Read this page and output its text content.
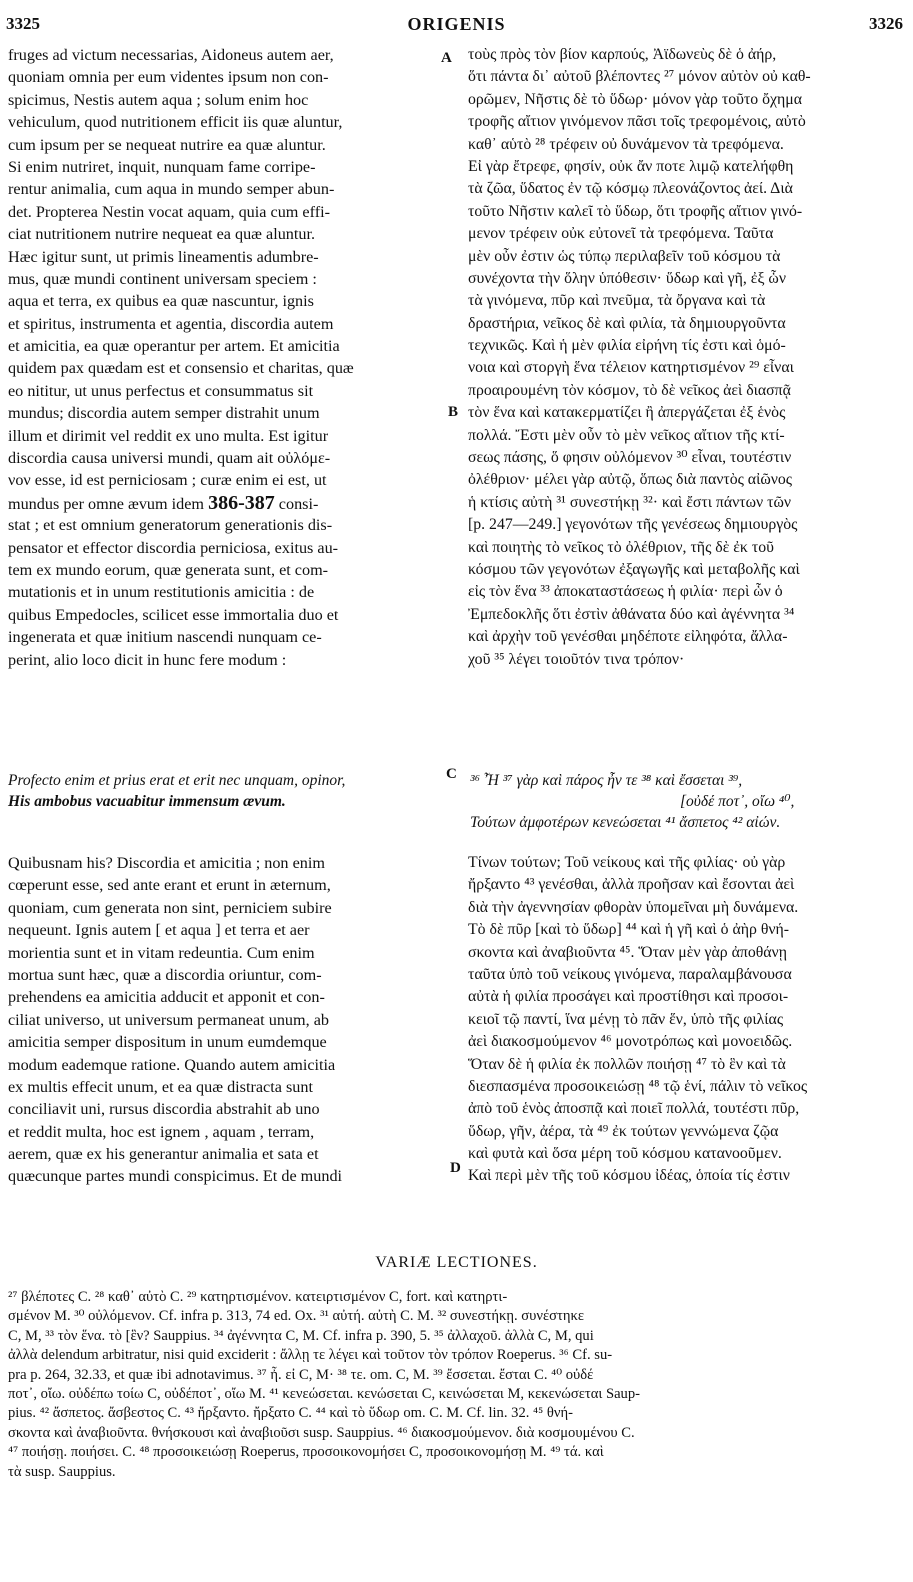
3325	ORIGENIS	3326
A
B
C
D
fruges ad victum necessarias, Aidoneus autem aer,
quoniam omnia per eum videntes ipsum non con-
spicimus, Nestis autem aqua ; solum enim hoc
vehiculum, quod nutritionem efficit iis quæ aluntur,
cum ipsum per se nequeat nutrire ea quæ aluntur.
Si enim nutriret, inquit, nunquam fame corripe-
rentur animalia, cum aqua in mundo semper abun-
det. Propterea Nestin vocat aquam, quia cum effi-
ciat nutritionem nutrire nequeat ea quæ aluntur.
Hæc igitur sunt, ut primis lineamentis adumbre-
mus, quæ mundi continent universam speciem :
aqua et terra, ex quibus ea quæ nascuntur, ignis
et spiritus, instrumenta et agentia, discordia autem
et amicitia, ea quæ operantur per artem. Et amicitia
quidem pax quædam est et consensio et charitas, quæ
eo nititur, ut unus perfectus et consummatus sit
mundus; discordia autem semper distrahit unum
illum et dirimit vel reddit ex uno multa. Est igitur
discordia causa universi mundi, quam ait οὐλόμε-
νον esse, id est perniciosam ; curæ enim ei est, ut
mundus per omne ævum idem 386-387 consi-
stat ; et est omnium generatorum generationis dis-
pensator et effector discordia perniciosa, exitus au-
tem ex mundo eorum, quæ generata sunt, et com-
mutationis et in unum restitutionis amicitia : de
quibus Empedocles, scilicet esse immortalia duo et
ingenerata et quæ initium nascendi nunquam ce-
perint, alio loco dicit in hunc fere modum :
τοὺς πρὸς τὸν βίον καρπούς, Ἀϊδωνεὺς δὲ ὁ ἀήρ,
ὅτι πάντα δι᾽ αὐτοῦ βλέποντες ²⁷ μόνον αὐτὸν οὐ καθ-
ορῶμεν, Νῆστις δὲ τὸ ὕδωρ· μόνον γὰρ τοῦτο ὄχημα
τροφῆς αἴτιον γινόμενον πᾶσι τοῖς τρεφομένοις, αὐτὸ
καθ᾽ αὑτὸ ²⁸ τρέφειν οὐ δυνάμενον τὰ τρεφόμενα.
Εἰ γὰρ ἔτρεφε, φησίν, οὐκ ἄν ποτε λιμῷ κατελήφθη
τὰ ζῶα, ὕδατος ἐν τῷ κόσμῳ πλεονάζοντος ἀεί. Διὰ
τοῦτο Νῆστιν καλεῖ τὸ ὕδωρ, ὅτι τροφῆς αἴτιον γινό-
μενον τρέφειν οὐκ εὐτονεῖ τὰ τρεφόμενα. Ταῦτα
μὲν οὖν ἐστιν ὡς τύπῳ περιλαβεῖν τοῦ κόσμου τὰ
συνέχοντα τὴν ὅλην ὑπόθεσιν· ὕδωρ καὶ γῆ, ἐξ ὧν
τὰ γινόμενα, πῦρ καὶ πνεῦμα, τὰ ὄργανα καὶ τὰ
δραστήρια, νεῖκος δὲ καὶ φιλία, τὰ δημιουργοῦντα
τεχνικῶς. Καὶ ἡ μὲν φιλία εἰρήνη τίς ἐστι καὶ ὁμό-
νοια καὶ στοργὴ ἕνα τέλειον κατηρτισμένον ²⁹ εἶναι
προαιρουμένη τὸν κόσμον, τὸ δὲ νεῖκος ἀεὶ διασπᾷ
τὸν ἕνα καὶ κατακερματίζει ἢ ἀπεργάζεται ἐξ ἑνὸς
πολλά. Ἔστι μὲν οὖν τὸ μὲν νεῖκος αἴτιον τῆς κτί-
σεως πάσης, ὅ φησιν οὐλόμενον ³⁰ εἶναι, τουτέστιν
ὀλέθριον· μέλει γὰρ αὐτῷ, ὅπως διὰ παντὸς αἰῶνος
ἡ κτίσις αὐτὴ ³¹ συνεστήκῃ ³²· καὶ ἔστι πάντων τῶν
[p. 247—249.] γεγονότων τῆς γενέσεως δημιουργὸς
καὶ ποιητὴς τὸ νεῖκος τὸ ὀλέθριον, τῆς δὲ ἐκ τοῦ
κόσμου τῶν γεγονότων ἐξαγωγῆς καὶ μεταβολῆς καὶ
εἰς τὸν ἕνα ³³ ἀποκαταστάσεως ἡ φιλία· περὶ ὧν ὁ
Ἐμπεδοκλῆς ὅτι ἐστὶν ἀθάνατα δύο καὶ ἀγέννητα ³⁴
καὶ ἀρχὴν τοῦ γενέσθαι μηδέποτε εἰληφότα, ἄλλα-
χοῦ ³⁵ λέγει τοιοῦτόν τινα τρόπον·
Profecto enim et prius erat et erit nec unquam, opinor,
His ambobus vacuabitur immensum ævum.
³⁶ Ἦ ³⁷ γὰρ καὶ πάρος ἦν τε ³⁸ καὶ ἔσσεται ³⁹,
[οὐδέ ποτ᾽, οἴω ⁴⁰,
Τούτων ἀμφοτέρων κενεώσεται ⁴¹ ἄσπετος ⁴² αἰών.
Quibusnam his? Discordia et amicitia ; non enim
cœperunt esse, sed ante erant et erunt in æternum,
quoniam, cum generata non sint, perniciem subire
nequeunt. Ignis autem [ et aqua ] et terra et aer
morientia sunt et in vitam redeuntia. Cum enim
mortua sunt hæc, quæ a discordia oriuntur, com-
prehendens ea amicitia adducit et apponit et con-
ciliat universo, ut universum permaneat unum, ab
amicitia semper dispositum in unum eumdemque
modum eademque ratione. Quando autem amicitia
ex multis effecit unum, et ea quæ distracta sunt
conciliavit uni, rursus discordia abstrahit ab uno
et reddit multa, hoc est ignem , aquam , terram,
aerem, quæ ex his generantur animalia et sata et
quæcunque partes mundi conspicimus. Et de mundi
Τίνων τούτων; Τοῦ νείκους καὶ τῆς φιλίας· οὐ γὰρ
ἤρξαντο ⁴³ γενέσθαι, ἀλλὰ προῆσαν καὶ ἔσονται ἀεὶ
διὰ τὴν ἀγεννησίαν φθορὰν ὑπομεῖναι μὴ δυνάμενα.
Τὸ δὲ πῦρ [καὶ τὸ ὕδωρ] ⁴⁴ καὶ ἡ γῆ καὶ ὁ ἀὴρ θνή-
σκοντα καὶ ἀναβιοῦντα ⁴⁵. Ὅταν μὲν γὰρ ἀποθάνῃ
ταῦτα ὑπὸ τοῦ νείκους γινόμενα, παραλαμβάνουσα
αὐτὰ ἡ φιλία προσάγει καὶ προστίθησι καὶ προσοι-
κειοῖ τῷ παντί, ἵνα μένῃ τὸ πᾶν ἕν, ὑπὸ τῆς φιλίας
ἀεὶ διακοσμούμενον ⁴⁶ μονοτρόπως καὶ μονοειδῶς.
Ὅταν δὲ ἡ φιλία ἐκ πολλῶν ποιήσῃ ⁴⁷ τὸ ἓν καὶ τὰ
διεσπασμένα προσοικειώσῃ ⁴⁸ τῷ ἑνί, πάλιν τὸ νεῖκος
ἀπὸ τοῦ ἑνὸς ἀποσπᾷ καὶ ποιεῖ πολλά, τουτέστι πῦρ,
ὕδωρ, γῆν, ἀέρα, τὰ ⁴⁹ ἐκ τούτων γεννώμενα ζῷα
καὶ φυτὰ καὶ ὅσα μέρη τοῦ κόσμου κατανοοῦμεν.
Καὶ περὶ μὲν τῆς τοῦ κόσμου ἰδέας, ὁποία τίς ἐστιν
VARIÆ LECTIONES.
²⁷ βλέποτες C. ²⁸ καθ᾽ αὐτὸ C. ²⁹ κατηρτισμένον. κατειρτισμένον C, fort. καὶ κατηρτι-
σμένον M. ³⁰ οὐλόμενον. Cf. infra p. 313, 74 ed. Ox. ³¹ αὐτή. αὐτὴ C. M. ³² συνεστήκῃ. συνέστηκε
C, M, ³³ τὸν ἕνα. τὸ [ἓν? Sauppius. ³⁴ ἀγέννητα C, M. Cf. infra p. 390, 5. ³⁵ ἀλλαχοῦ. ἀλλὰ C, M, qui
ἀλλὰ delendum arbitratur, nisi quid exciderit : ἄλλῃ τε λέγει καὶ τοῦτον τὸν τρόπον Roeperus. ³⁶ Cf. su-
pra p. 264, 32.33, et quæ ibi adnotavimus. ³⁷ ἦ. εἰ C, M· ³⁸ τε. om. C, M. ³⁹ ἔσσεται. ἔσται C. ⁴⁰ οὐδέ
ποτ᾽, οἴω. οὐδέπω τοίω C, οὐδέποτ᾽, οἴω M. ⁴¹ κενεώσεται. κενώσεται C, κεινώσεται M, κεκενώσεται Saup-
pius. ⁴² ἄσπετος. ἄσβεστος C. ⁴³ ἤρξαντο. ἤρξατο C. ⁴⁴ καὶ τὸ ὕδωρ om. C. M. Cf. lin. 32. ⁴⁵ θνή-
σκοντα καὶ ἀναβιοῦντα. θνήσκουσι καὶ ἀναβιοῦσι susp. Sauppius. ⁴⁶ διακοσμούμενον. διὰ κοσμουμένου C.
⁴⁷ ποιήσῃ. ποιήσει. C. ⁴⁸ προσοικειώσῃ Roeperus, προσοικονομήσει C, προσοικονομήσῃ M. ⁴⁹ τά. καὶ
τὰ susp. Sauppius.
